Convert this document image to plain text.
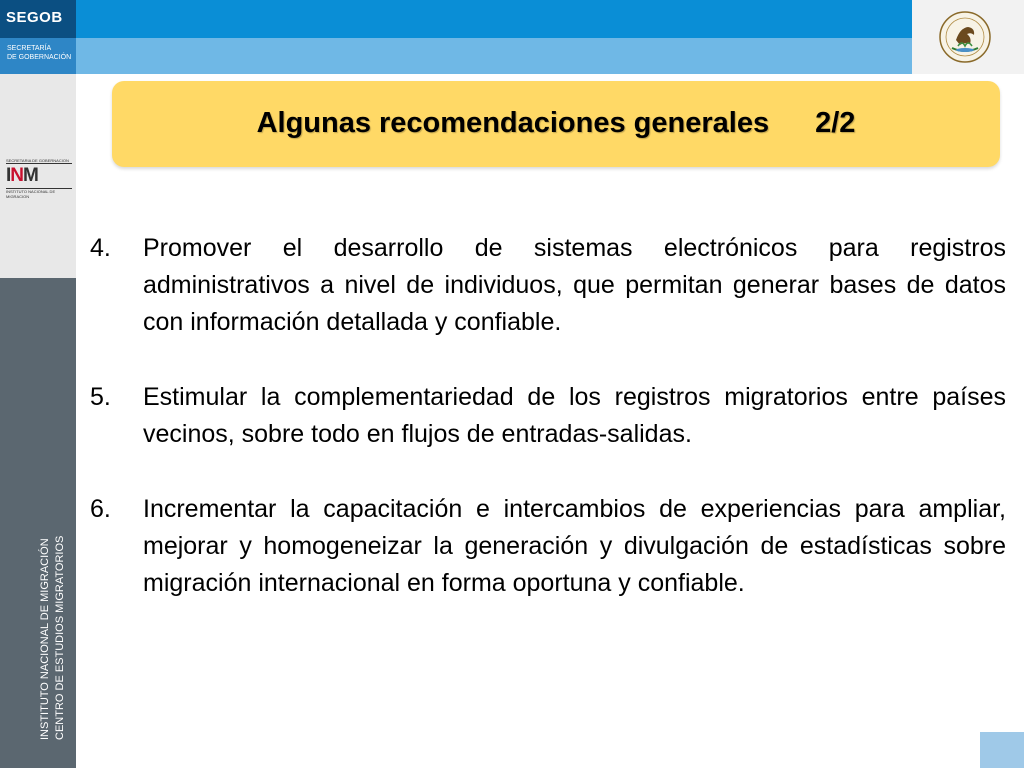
SEGOB
SECRETARÍA
DE GOBERNACIÓN
SECRETARIA DE GOBERNACION
INM
INSTITUTO NACIONAL DE MIGRACION
INSTITUTO NACIONAL DE MIGRACIÓN CENTRO DE ESTUDIOS MIGRATORIOS
Algunas recomendaciones generales 2/2
4. Promover el desarrollo de sistemas electrónicos para registros administrativos a nivel de individuos, que permitan generar bases de datos con información detallada y confiable.

5. Estimular la complementariedad de los registros migratorios entre países vecinos, sobre todo en flujos de entradas-salidas.

6. Incrementar la capacitación e intercambios de experiencias para ampliar, mejorar y homogeneizar la generación y divulgación de estadísticas sobre migración internacional en forma oportuna y confiable.
